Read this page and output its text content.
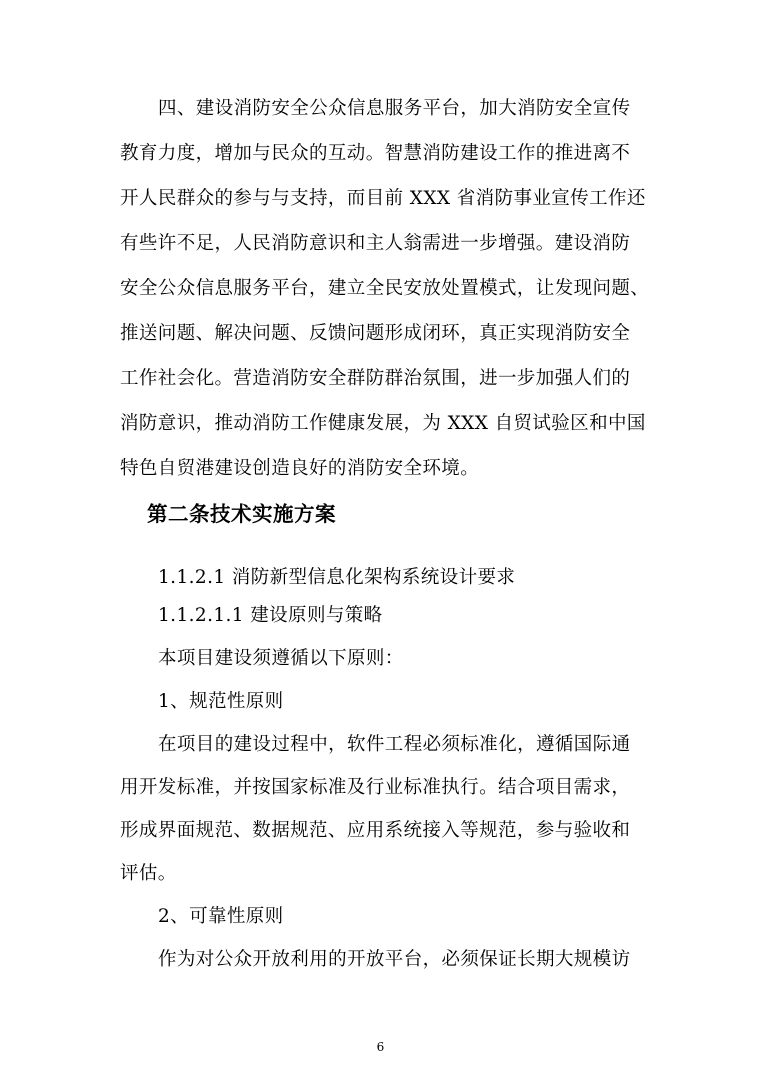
四、建设消防安全公众信息服务平台，加大消防安全宣传
教育力度，增加与民众的互动。智慧消防建设工作的推进离不
开人民群众的参与与支持，而目前 XXX 省消防事业宣传工作还
有些许不足，人民消防意识和主人翁需进一步增强。建设消防
安全公众信息服务平台，建立全民安放处置模式，让发现问题、
推送问题、解决问题、反馈问题形成闭环，真正实现消防安全
工作社会化。营造消防安全群防群治氛围，进一步加强人们的
消防意识，推动消防工作健康发展，为 XXX 自贸试验区和中国
特色自贸港建设创造良好的消防安全环境。
第二条技术实施方案
1.1.2.1 消防新型信息化架构系统设计要求
1.1.2.1.1 建设原则与策略
本项目建设须遵循以下原则：
1、规范性原则
在项目的建设过程中，软件工程必须标准化，遵循国际通
用开发标准，并按国家标准及行业标准执行。结合项目需求，
形成界面规范、数据规范、应用系统接入等规范，参与验收和
评估。
2、可靠性原则
作为对公众开放利用的开放平台，必须保证长期大规模访
6
